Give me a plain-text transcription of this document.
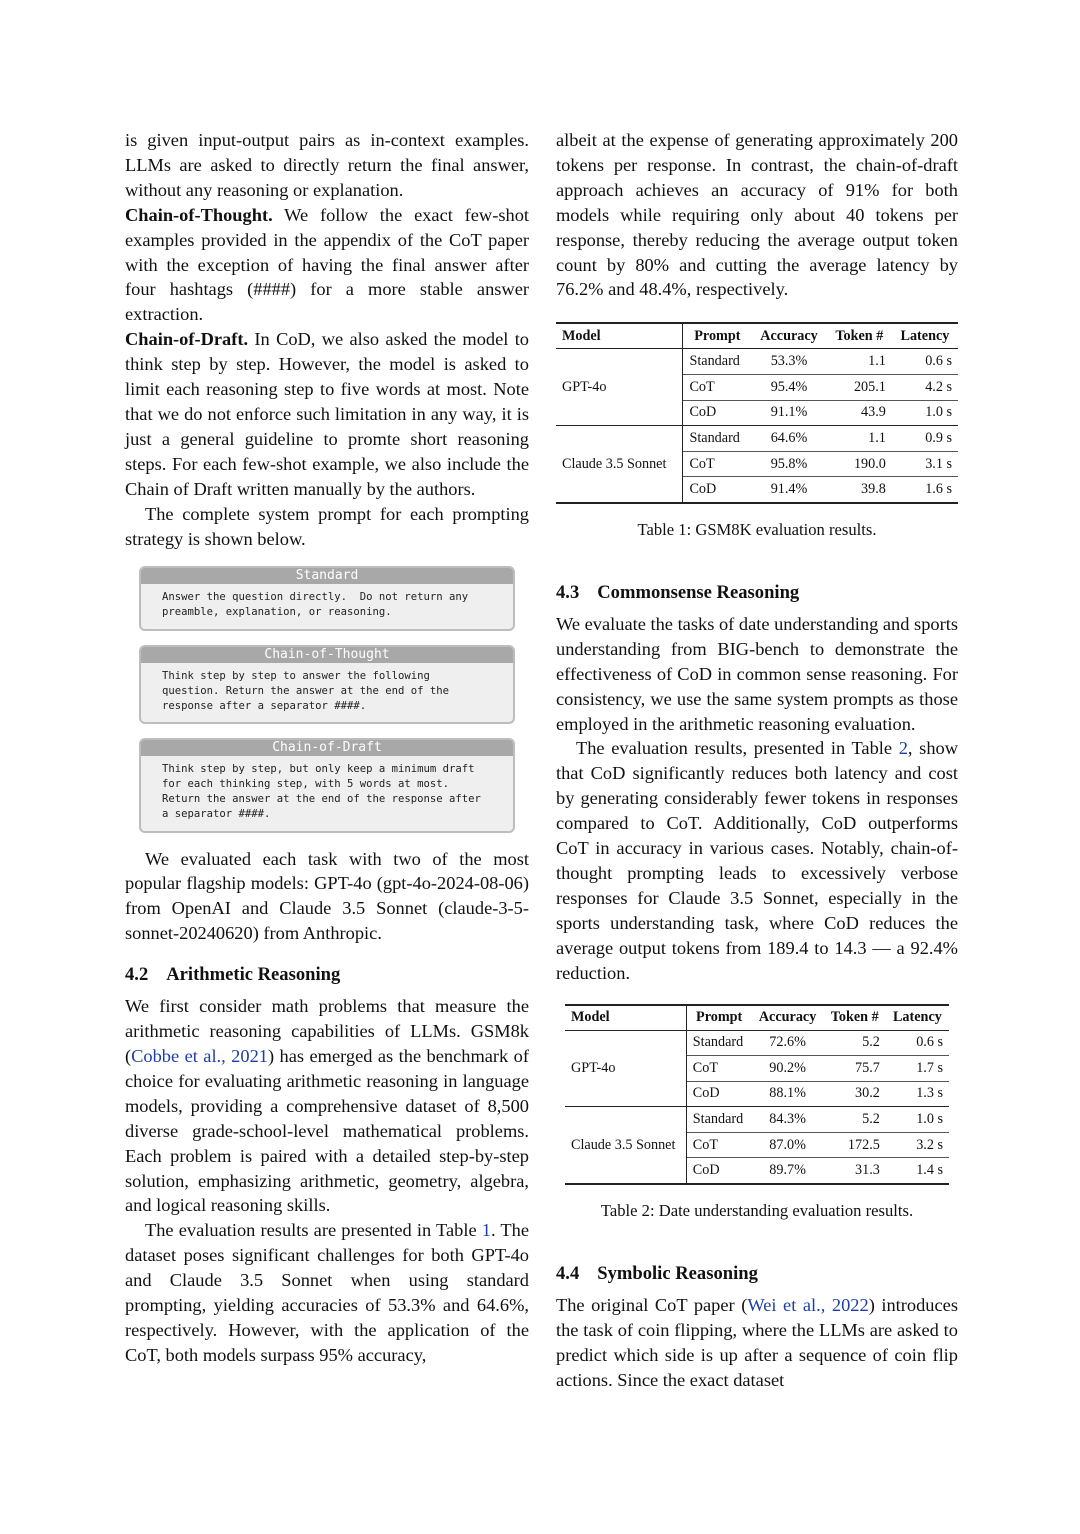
is given input-output pairs as in-context examples. LLMs are asked to directly return the final answer, without any reasoning or explanation.

Chain-of-Thought. We follow the exact few-shot examples provided in the appendix of the CoT paper with the exception of having the final answer after four hashtags (####) for a more stable answer extraction.

Chain-of-Draft. In CoD, we also asked the model to think step by step. However, the model is asked to limit each reasoning step to five words at most. Note that we do not enforce such limitation in any way, it is just a general guideline to promte short reasoning steps. For each few-shot example, we also include the Chain of Draft written manually by the authors.

The complete system prompt for each prompting strategy is shown below.

Standard
Answer the question directly.  Do not return any preamble, explanation, or reasoning.
Chain-of-Thought
Think step by step to answer the following question. Return the answer at the end of the response after a separator ####.
Chain-of-Draft
Think step by step, but only keep a minimum draft for each thinking step, with 5 words at most. Return the answer at the end of the response after a separator ####.

We evaluated each task with two of the most popular flagship models: GPT-4o (gpt-4o-2024-08-06) from OpenAI and Claude 3.5 Sonnet (claude-3-5-sonnet-20240620) from Anthropic.

4.2 Arithmetic Reasoning

We first consider math problems that measure the arithmetic reasoning capabilities of LLMs. GSM8k (Cobbe et al., 2021) has emerged as the benchmark of choice for evaluating arithmetic reasoning in language models, providing a comprehensive dataset of 8,500 diverse grade-school-level mathematical problems. Each problem is paired with a detailed step-by-step solution, emphasizing arithmetic, geometry, algebra, and logical reasoning skills.

The evaluation results are presented in Table 1. The dataset poses significant challenges for both GPT-4o and Claude 3.5 Sonnet when using standard prompting, yielding accuracies of 53.3% and 64.6%, respectively. However, with the application of the CoT, both models surpass 95% accuracy,

albeit at the expense of generating approximately 200 tokens per response. In contrast, the chain-of-draft approach achieves an accuracy of 91% for both models while requiring only about 40 tokens per response, thereby reducing the average output token count by 80% and cutting the average latency by 76.2% and 48.4%, respectively.

Model	Prompt	Accuracy	Token #	Latency
GPT-4o	Standard	53.3%	1.1	0.6 s
	CoT	95.4%	205.1	4.2 s
	CoD	91.1%	43.9	1.0 s
Claude 3.5 Sonnet	Standard	64.6%	1.1	0.9 s
	CoT	95.8%	190.0	3.1 s
	CoD	91.4%	39.8	1.6 s

Table 1: GSM8K evaluation results.

4.3 Commonsense Reasoning

We evaluate the tasks of date understanding and sports understanding from BIG-bench to demonstrate the effectiveness of CoD in common sense reasoning. For consistency, we use the same system prompts as those employed in the arithmetic reasoning evaluation.

The evaluation results, presented in Table 2, show that CoD significantly reduces both latency and cost by generating considerably fewer tokens in responses compared to CoT. Additionally, CoD outperforms CoT in accuracy in various cases. Notably, chain-of-thought prompting leads to excessively verbose responses for Claude 3.5 Sonnet, especially in the sports understanding task, where CoD reduces the average output tokens from 189.4 to 14.3 — a 92.4% reduction.

Model	Prompt	Accuracy	Token #	Latency
GPT-4o	Standard	72.6%	5.2	0.6 s
	CoT	90.2%	75.7	1.7 s
	CoD	88.1%	30.2	1.3 s
Claude 3.5 Sonnet	Standard	84.3%	5.2	1.0 s
	CoT	87.0%	172.5	3.2 s
	CoD	89.7%	31.3	1.4 s

Table 2: Date understanding evaluation results.

4.4 Symbolic Reasoning

The original CoT paper (Wei et al., 2022) introduces the task of coin flipping, where the LLMs are asked to predict which side is up after a sequence of coin flip actions. Since the exact dataset
